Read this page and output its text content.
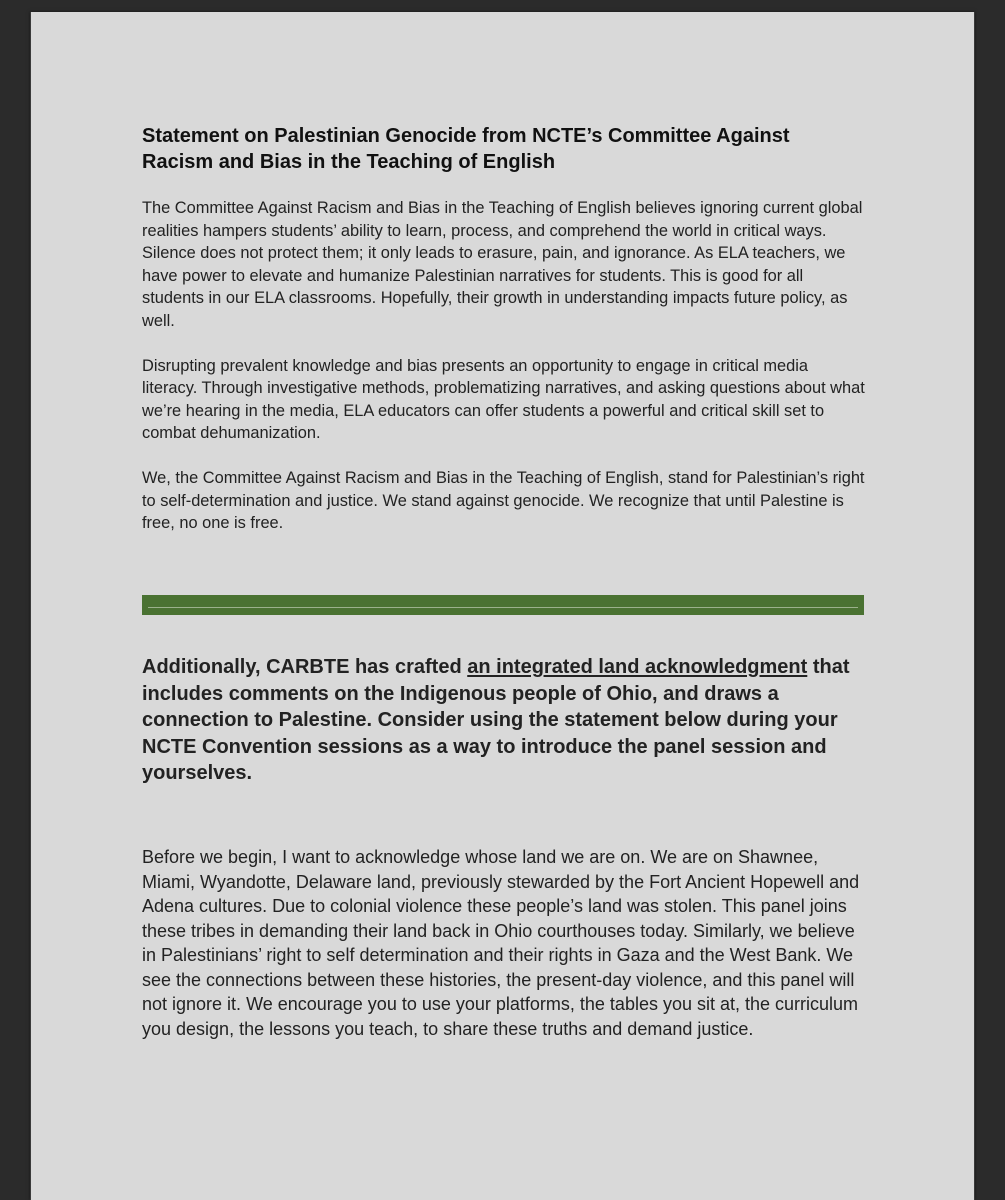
Statement on Palestinian Genocide from NCTE’s Committee Against Racism and Bias in the Teaching of English

The Committee Against Racism and Bias in the Teaching of English believes ignoring current global realities hampers students’ ability to learn, process, and comprehend the world in critical ways. Silence does not protect them; it only leads to erasure, pain, and ignorance. As ELA teachers, we have power to elevate and humanize Palestinian narratives for students. This is good for all students in our ELA classrooms. Hopefully, their growth in understanding impacts future policy, as well.

Disrupting prevalent knowledge and bias presents an opportunity to engage in critical media literacy. Through investigative methods, problematizing narratives, and asking questions about what we’re hearing in the media, ELA educators can offer students a powerful and critical skill set to combat dehumanization.

We, the Committee Against Racism and Bias in the Teaching of English, stand for Palestinian’s right to self-determination and justice. We stand against genocide. We recognize that until Palestine is free, no one is free.

Additionally, CARBTE has crafted an integrated land acknowledgment that includes comments on the Indigenous people of Ohio, and draws a connection to Palestine. Consider using the statement below during your NCTE Convention sessions as a way to introduce the panel session and yourselves.

Before we begin, I want to acknowledge whose land we are on. We are on Shawnee, Miami, Wyandotte, Delaware land, previously stewarded by the Fort Ancient Hopewell and Adena cultures. Due to colonial violence these people’s land was stolen. This panel joins these tribes in demanding their land back in Ohio courthouses today. Similarly, we believe in Palestinians’ right to self determination and their rights in Gaza and the West Bank. We see the connections between these histories, the present-day violence, and this panel will not ignore it. We encourage you to use your platforms, the tables you sit at, the curriculum you design, the lessons you teach, to share these truths and demand justice.
